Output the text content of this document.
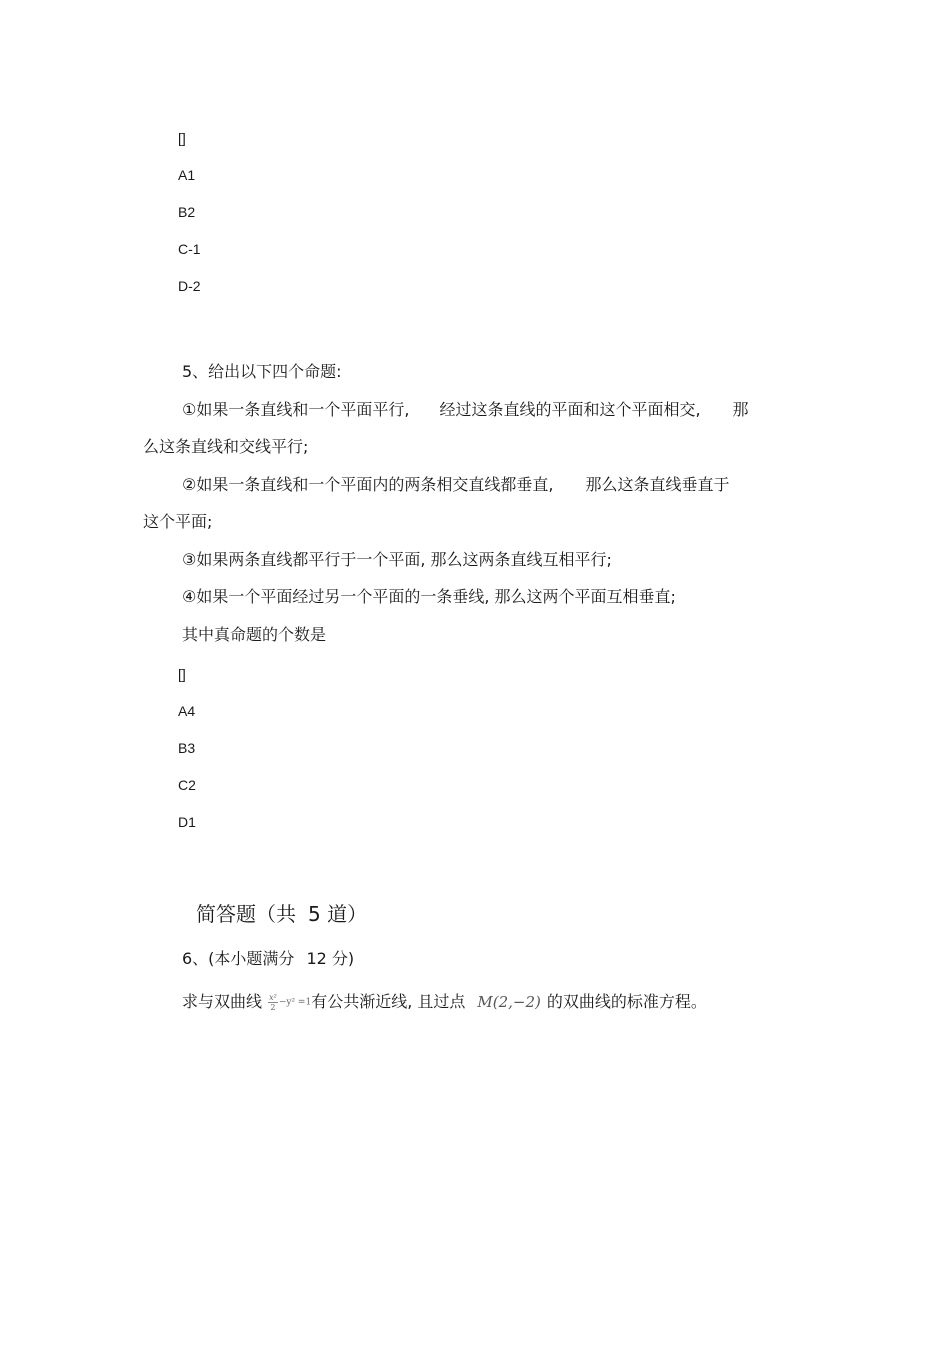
[]
A1
B2
C-1
D-2
5、给出以下四个命题:
①如果一条直线和一个平面平行, 经过这条直线的平面和这个平面相交, 那
么这条直线和交线平行;
②如果一条直线和一个平面内的两条相交直线都垂直, 那么这条直线垂直于
这个平面;
③如果两条直线都平行于一个平面, 那么这两条直线互相平行;
④如果一个平面经过另一个平面的一条垂线, 那么这两个平面互相垂直;
其中真命题的个数是
[]
A4
B3
C2
D1
简答题（共 5 道）
6、(本小题满分 12 分)
求与双曲线 $\frac{\text{x²}}{2} -y^2 =1$有公共渐近线, 且过点 M(2,−2) 的双曲线的标准方程。
